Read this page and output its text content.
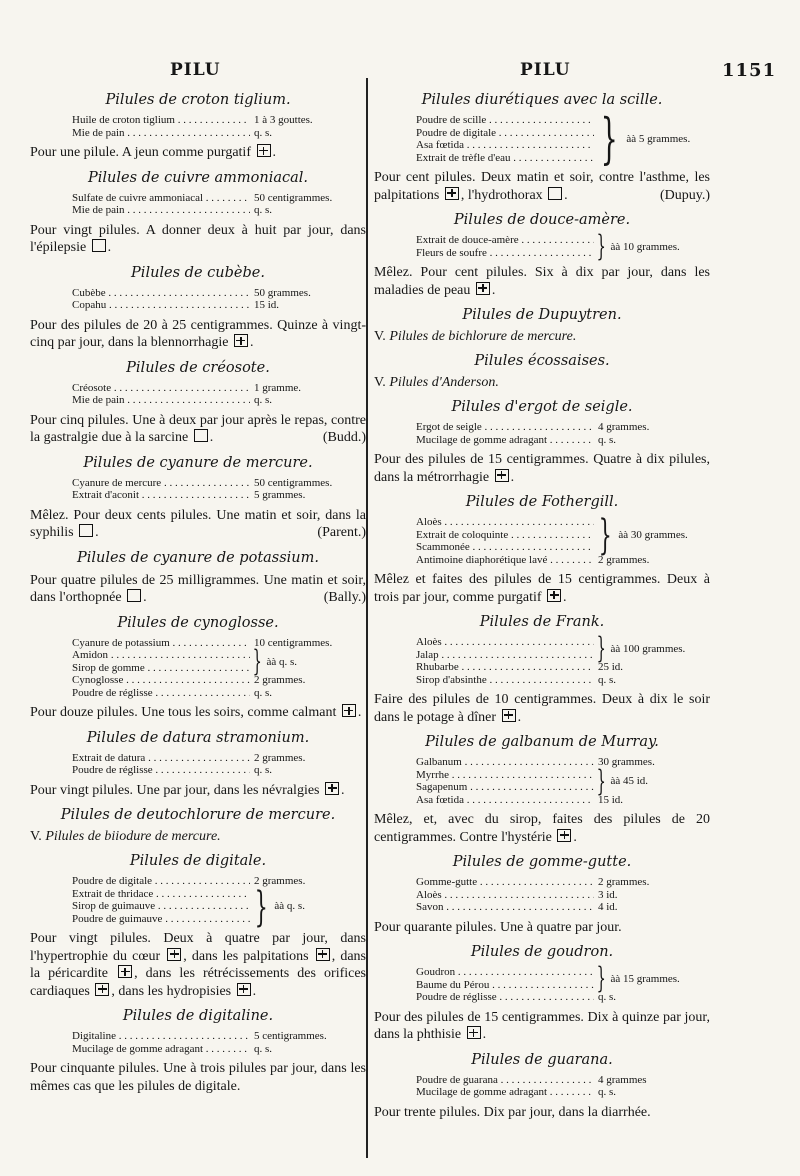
PILU	PILU	1151
Pilules de croton tiglium.
Huile de croton tiglium . . .	1 à 3 gouttes.
Mie de pain . . .	q. s.
Pour une pilule. A jeun comme purgatif .
Pilules de cuivre ammoniacal.
Sulfate de cuivre ammoniacal . . .	50 centigrammes.
Mie de pain . . .	q. s.
Pour vingt pilules. A donner deux à huit par jour, dans l'épilepsie .
Pilules de cubèbe.
Cubèbe . . .	50 grammes.
Copahu . . .	15 id.
Pour des pilules de 20 à 25 centigrammes. Quinze à vingt-cinq par jour, dans la blennorrhagie .
Pilules de créosote.
Créosote . . .	1 gramme.
Mie de pain . . .	q. s.
Pour cinq pilules. Une à deux par jour après le repas, contre la gastralgie due à la sarcine .	(Budd.)
Pilules de cyanure de mercure.
Cyanure de mercure . . .	50 centigrammes.
Extrait d'aconit . . .	5 grammes.
Mêlez. Pour deux cents pilules. Une matin et soir, dans la syphilis .	(Parent.)
Pilules de cyanure de potassium.
Pour quatre pilules de 25 milligrammes. Une matin et soir, dans l'orthopnée .	(Bally.)
Pilules de cynoglosse.
Cyanure de potassium . . .	10 centigrammes.
Amidon . . .
Sirop de gomme . . .	} àà q. s.
Cynoglosse . . .	2 grammes.
Poudre de réglisse . . .	q. s.
Pour douze pilules. Une tous les soirs, comme calmant .
Pilules de datura stramonium.
Extrait de datura . . .	2 grammes.
Poudre de réglisse . . .	q. s.
Pour vingt pilules. Une par jour, dans les névralgies .
Pilules de deutochlorure de mercure.
V. Pilules de biiodure de mercure.
Pilules de digitale.
Poudre de digitale . . .	2 grammes.
Extrait de thridace . . .
Sirop de guimauve . . .
Poudre de guimauve . . .	} àà q. s.
Pour vingt pilules. Deux à quatre par jour, dans l'hypertrophie du cœur , dans les palpitations , dans la péricardite , dans les rétrécissements des orifices cardiaques , dans les hydropisies .
Pilules de digitaline.
Digitaline . . .	5 centigrammes.
Mucilage de gomme adragant . . .	q. s.
Pour cinquante pilules. Une à trois pilules par jour, dans les mêmes cas que les pilules de digitale.
Pilules diurétiques avec la scille.
Poudre de scille . . .
Poudre de digitale . . .
Asa fœtida . . .
Extrait de trèfle d'eau . . .	} àà 5 grammes.
Pour cent pilules. Deux matin et soir, contre l'asthme, les palpitations , l'hydrothorax .	(Dupuy.)
Pilules de douce-amère.
Extrait de douce-amère . . .
Fleurs de soufre . . .	} àà 10 grammes.
Mêlez. Pour cent pilules. Six à dix par jour, dans les maladies de peau .
Pilules de Dupuytren.
V. Pilules de bichlorure de mercure.
Pilules écossaises.
V. Pilules d'Anderson.
Pilules d'ergot de seigle.
Ergot de seigle . . .	4 grammes.
Mucilage de gomme adragant . . .	q. s.
Pour des pilules de 15 centigrammes. Quatre à dix pilules, dans la métrorrhagie .
Pilules de Fothergill.
Aloès . . .
Extrait de coloquinte . . .
Scammonée . . .	} àà 30 grammes.
Antimoine diaphorétique lavé . . .	2 grammes.
Mêlez et faites des pilules de 15 centigrammes. Deux à trois par jour, comme purgatif .
Pilules de Frank.
Aloès . . .
Jalap . . .	} àà 100 grammes.
Rhubarbe . . .	25 id.
Sirop d'absinthe . . .	q. s.
Faire des pilules de 10 centigrammes. Deux à dix le soir dans le potage à dîner .
Pilules de galbanum de Murray.
Galbanum . . .	30 grammes.
Myrrhe . . .
Sagapenum . . .	} àà 45 id.
Asa fœtida . . .	15 id.
Mêlez, et, avec du sirop, faites des pilules de 20 centigrammes. Contre l'hystérie .
Pilules de gomme-gutte.
Gomme-gutte . . .	2 grammes.
Aloès . . .	3 id.
Savon . . .	4 id.
Pour quarante pilules. Une à quatre par jour.
Pilules de goudron.
Goudron . . .
Baume du Pérou . . .	} àà 15 grammes.
Poudre de réglisse . . .	q. s.
Pour des pilules de 15 centigrammes. Dix à quinze par jour, dans la phthisie .
Pilules de guarana.
Poudre de guarana . . .	4 grammes
Mucilage de gomme adragant . . .	q. s.
Pour trente pilules. Dix par jour, dans la diarrhée.
